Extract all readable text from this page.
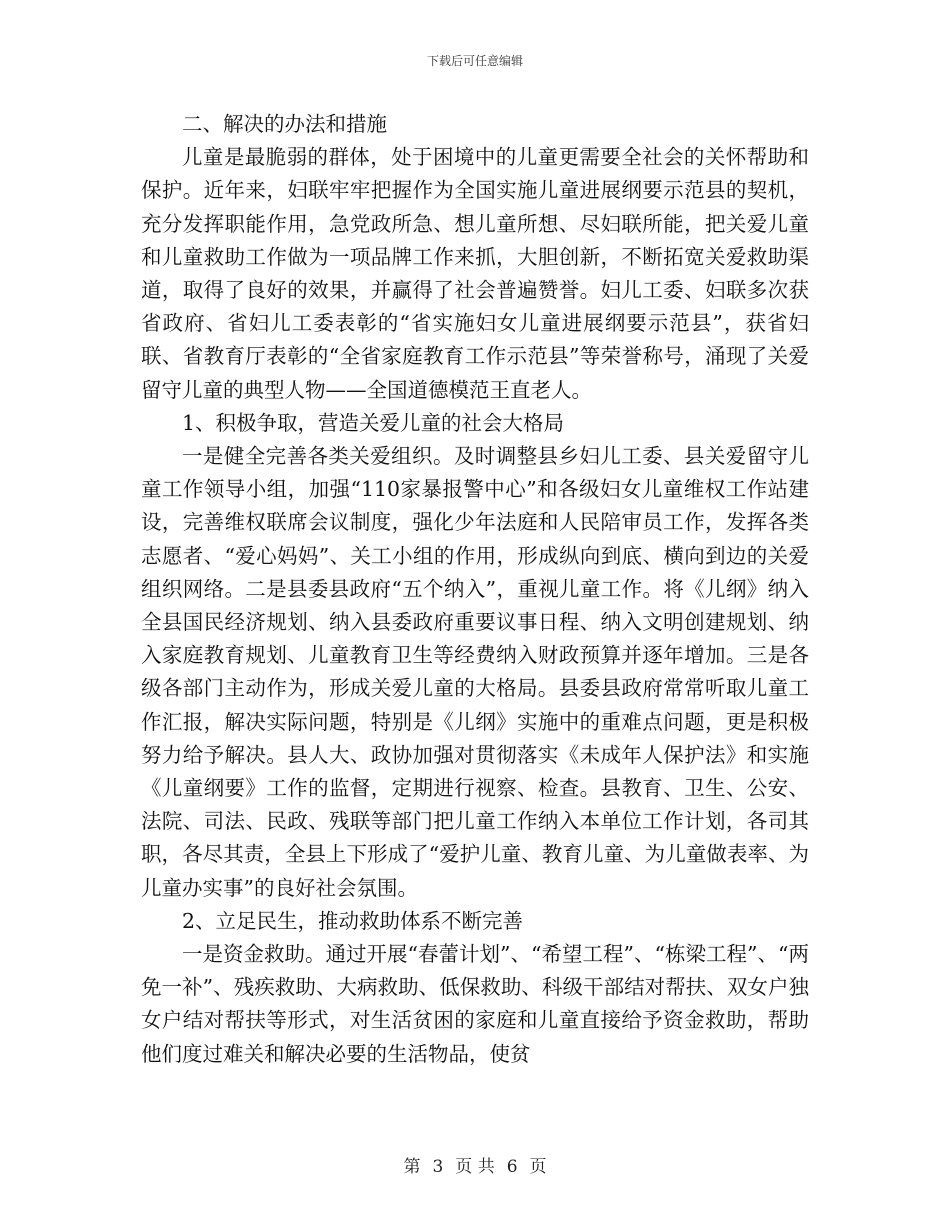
下载后可任意编辑

二、解决的办法和措施

儿童是最脆弱的群体，处于困境中的儿童更需要全社会的关怀帮助和保护。近年来，妇联牢牢把握作为全国实施儿童进展纲要示范县的契机，充分发挥职能作用，急党政所急、想儿童所想、尽妇联所能，把关爱儿童和儿童救助工作做为一项品牌工作来抓，大胆创新，不断拓宽关爱救助渠道，取得了良好的效果，并赢得了社会普遍赞誉。妇儿工委、妇联多次获省政府、省妇儿工委表彰的“省实施妇女儿童进展纲要示范县”，获省妇联、省教育厅表彰的“全省家庭教育工作示范县”等荣誉称号，涌现了关爱留守儿童的典型人物——全国道德模范王直老人。

1、积极争取，营造关爱儿童的社会大格局

一是健全完善各类关爱组织。及时调整县乡妇儿工委、县关爱留守儿童工作领导小组，加强“110家暴报警中心”和各级妇女儿童维权工作站建设，完善维权联席会议制度，强化少年法庭和人民陪审员工作，发挥各类志愿者、“爱心妈妈”、关工小组的作用，形成纵向到底、横向到边的关爱组织网络。二是县委县政府“五个纳入”，重视儿童工作。将《儿纲》纳入全县国民经济规划、纳入县委政府重要议事日程、纳入文明创建规划、纳入家庭教育规划、儿童教育卫生等经费纳入财政预算并逐年增加。三是各级各部门主动作为，形成关爱儿童的大格局。县委县政府常常听取儿童工作汇报，解决实际问题，特别是《儿纲》实施中的重难点问题，更是积极努力给予解决。县人大、政协加强对贯彻落实《未成年人保护法》和实施《儿童纲要》工作的监督，定期进行视察、检查。县教育、卫生、公安、法院、司法、民政、残联等部门把儿童工作纳入本单位工作计划，各司其职，各尽其责，全县上下形成了“爱护儿童、教育儿童、为儿童做表率、为儿童办实事”的良好社会氛围。

2、立足民生，推动救助体系不断完善

一是资金救助。通过开展“春蕾计划”、“希望工程”、“栋梁工程”、“两免一补”、残疾救助、大病救助、低保救助、科级干部结对帮扶、双女户独女户结对帮扶等形式，对生活贫困的家庭和儿童直接给予资金救助，帮助他们度过难关和解决必要的生活物品，使贫

第 3 页 共 6 页
